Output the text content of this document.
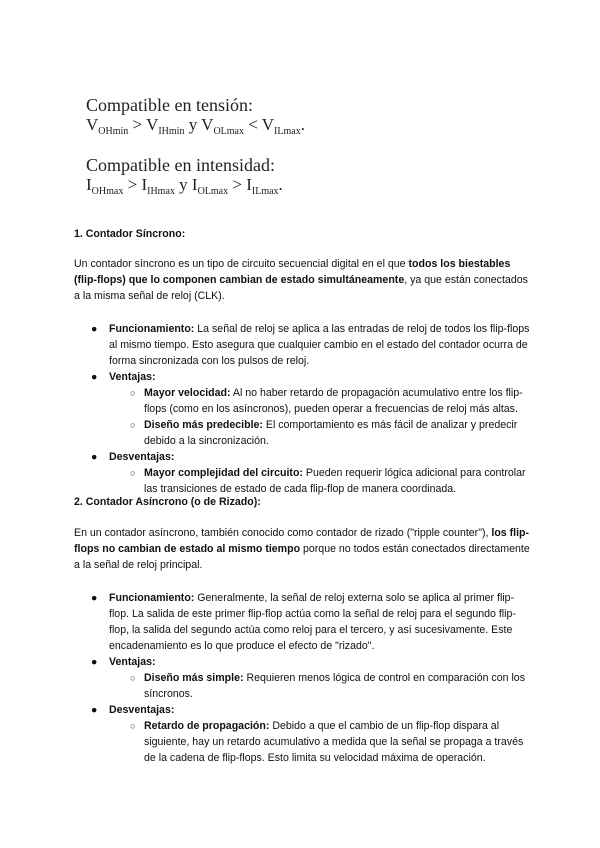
Compatible en tensión:
$V_{OHmin} > V_{IHmin}$ y $V_{OLmax} < V_{ILmax}$.
Compatible en intensidad:
$I_{OHmax} > I_{IHmax}$ y $I_{OLmax} > I_{ILmax}$.

1. Contador Síncrono:

Un contador síncrono es un tipo de circuito secuencial digital en el que todos los biestables (flip-flops) que lo componen cambian de estado simultáneamente, ya que están conectados a la misma señal de reloj (CLK).

● Funcionamiento: La señal de reloj se aplica a las entradas de reloj de todos los flip-flops al mismo tiempo. Esto asegura que cualquier cambio en el estado del contador ocurra de forma sincronizada con los pulsos de reloj.
● Ventajas:
○ Mayor velocidad: Al no haber retardo de propagación acumulativo entre los flip-flops (como en los asíncronos), pueden operar a frecuencias de reloj más altas.
○ Diseño más predecible: El comportamiento es más fácil de analizar y predecir debido a la sincronización.
● Desventajas:
○ Mayor complejidad del circuito: Pueden requerir lógica adicional para controlar las transiciones de estado de cada flip-flop de manera coordinada.

2. Contador Asíncrono (o de Rizado):

En un contador asíncrono, también conocido como contador de rizado ("ripple counter"), los flip-flops no cambian de estado al mismo tiempo porque no todos están conectados directamente a la señal de reloj principal.

● Funcionamiento: Generalmente, la señal de reloj externa solo se aplica al primer flip-flop. La salida de este primer flip-flop actúa como la señal de reloj para el segundo flip-flop, la salida del segundo actúa como reloj para el tercero, y así sucesivamente. Este encadenamiento es lo que produce el efecto de "rizado".
● Ventajas:
○ Diseño más simple: Requieren menos lógica de control en comparación con los síncronos.
● Desventajas:
○ Retardo de propagación: Debido a que el cambio de un flip-flop dispara al siguiente, hay un retardo acumulativo a medida que la señal se propaga a través de la cadena de flip-flops. Esto limita su velocidad máxima de operación.
